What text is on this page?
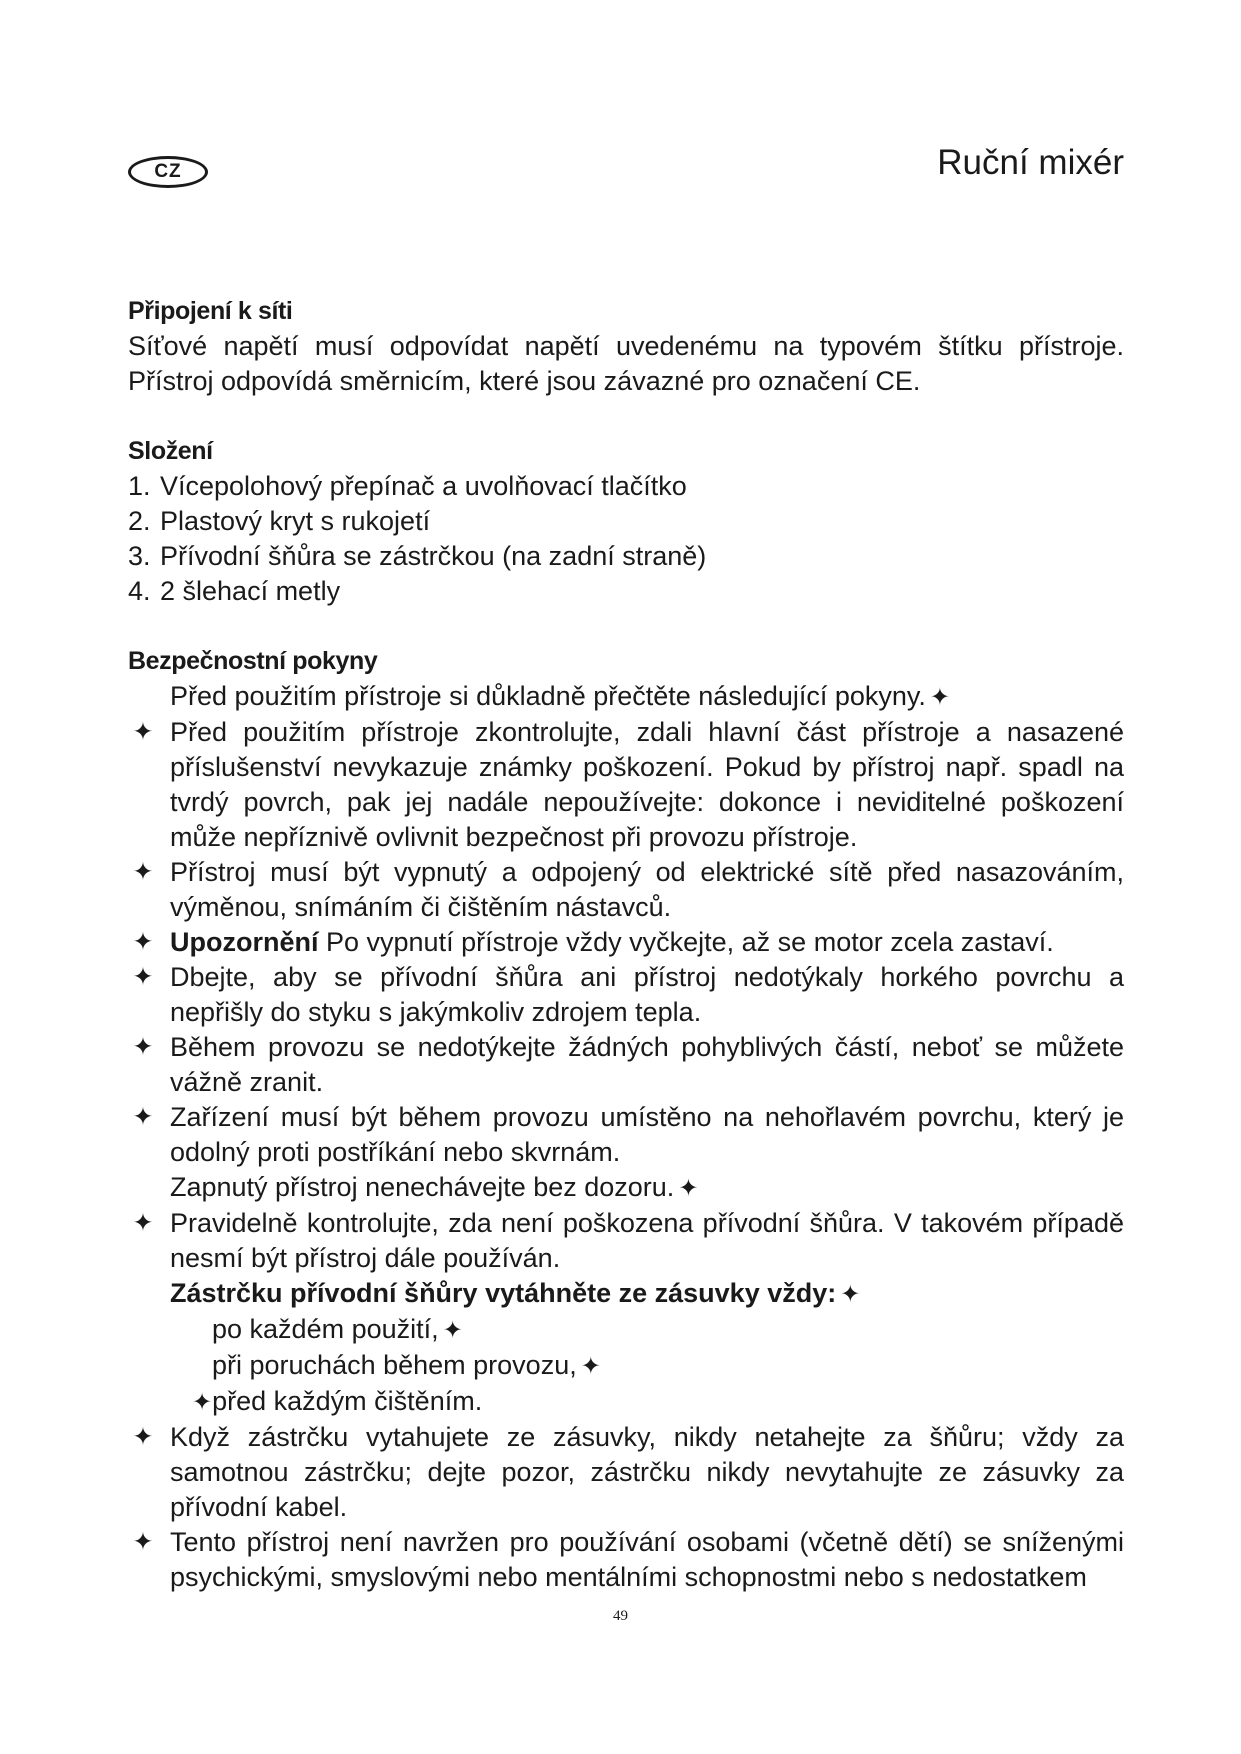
CZ	Ruční mixér

Připojení k síti

Síťové napětí musí odpovídat napětí uvedenému na typovém štítku přístroje. Přístroj odpovídá směrnicím, které jsou závazné pro označení CE.

Složení

1. Vícepolohový přepínač a uvolňovací tlačítko
2. Plastový kryt s rukojetí
3. Přívodní šňůra se zástrčkou (na zadní straně)
4. 2 šlehací metly

Bezpečnostní pokyny

Před použitím přístroje si důkladně přečtěte následující pokyny. ✦

✦ Před použitím přístroje zkontrolujte, zdali hlavní část přístroje a nasazené příslušenství nevykazuje známky poškození. Pokud by přístroj např. spadl na tvrdý povrch, pak jej nadále nepoužívejte: dokonce i neviditelné poškození může nepříznivě ovlivnit bezpečnost při provozu přístroje.

✦ Přístroj musí být vypnutý a odpojený od elektrické sítě před nasazováním, výměnou, snímáním či čištěním nástavců.

✦ Upozornění Po vypnutí přístroje vždy vyčkejte, až se motor zcela zastaví.

✦ Dbejte, aby se přívodní šňůra ani přístroj nedotýkaly horkého povrchu a nepřišly do styku s jakýmkoliv zdrojem tepla.

✦ Během provozu se nedotýkejte žádných pohyblivých částí, neboť se můžete vážně zranit.

✦ Zařízení musí být během provozu umístěno na nehořlavém povrchu, který je odolný proti postříkání nebo skvrnám.

Zapnutý přístroj nenechávejte bez dozoru. ✦

✦ Pravidelně kontrolujte, zda není poškozena přívodní šňůra. V takovém případě nesmí být přístroj dále používán.

Zástrčku přívodní šňůry vytáhněte ze zásuvky vždy: ✦

po každém použití, ✦

při poruchách během provozu, ✦

✦před každým čištěním.

✦ Když zástrčku vytahujete ze zásuvky, nikdy netahejte za šňůru; vždy za samotnou zástrčku; dejte pozor, zástrčku nikdy nevytahujte ze zásuvky za přívodní kabel.

✦ Tento přístroj není navržen pro používání osobami (včetně dětí) se sníženými psychickými, smyslovými nebo mentálními schopnostmi nebo s nedostatkem

49
